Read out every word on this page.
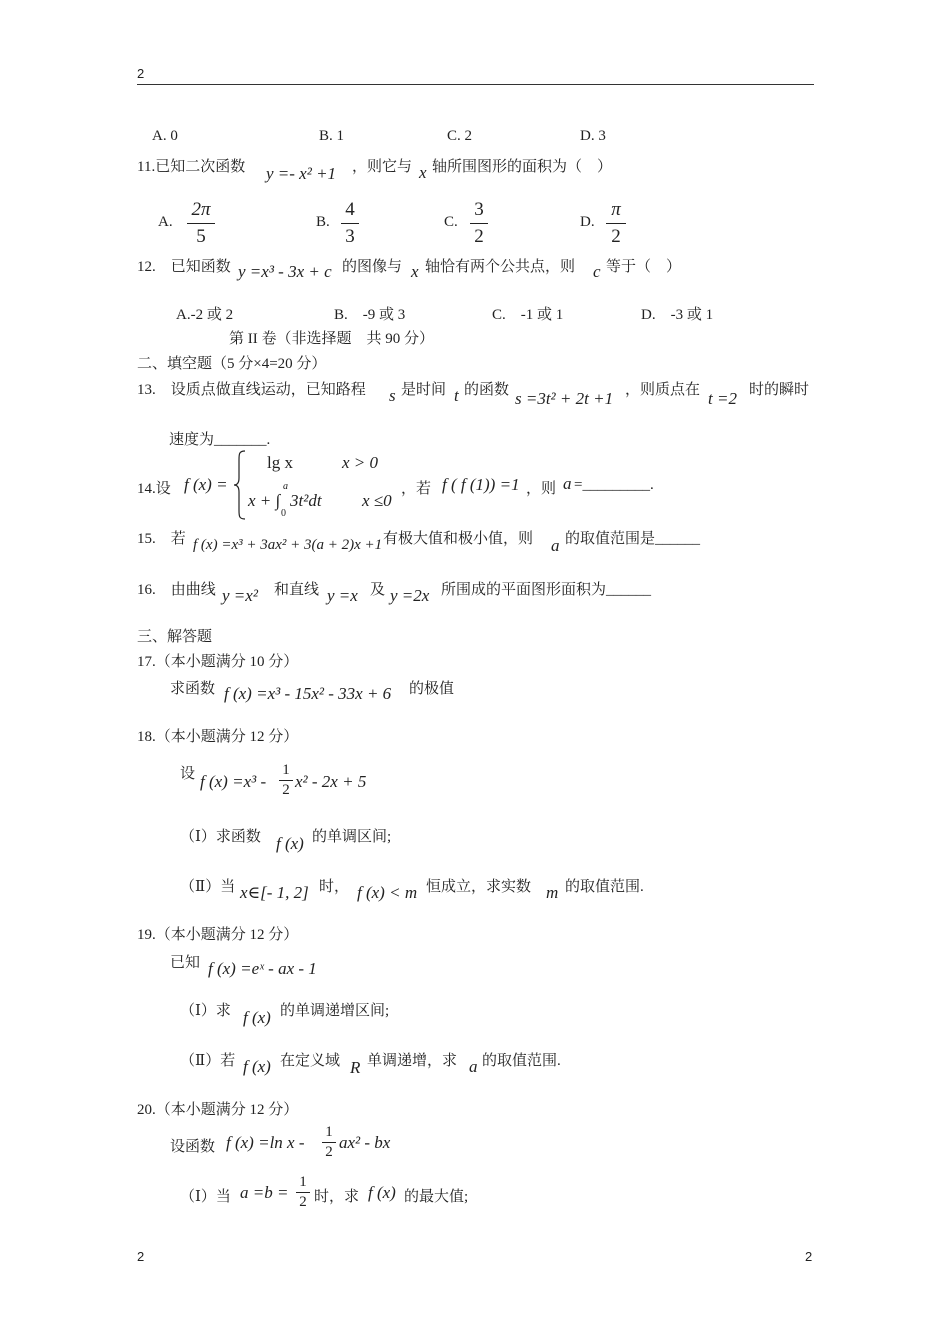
2
A. 0	B. 1	C. 2	D. 3
11.已知二次函数 y =- x² +1 ，则它与 x 轴所围图形的面积为（　）
A.
2π
5
B.
4
3
C.
3
2
D.
π
2
12.　已知函数 y =x³ - 3x + c 的图像与 x 轴恰有两个公共点，则 c 等于（　）
A.-2 或 2	B.　-9 或 3	C.　-1 或 1	D.　-3 或 1
第 II 卷（非选择题　共 90 分）
二、填空题（5 分×4=20 分）
13.　设质点做直线运动，已知路程 s 是时间 t 的函数 s =3t² + 2t +1 ，则质点在 t =2 时的瞬时
速度为_______.
14.设 f (x) =
lg x	x > 0
x + ∫
a
0
3t²dt x ≤0
，若 f ( f (1)) =1 ，则 a =_________.
15.　若 f (x) =x³ + 3ax² + 3(a + 2)x +1 有极大值和极小值，则 a 的取值范围是______
16.　由曲线 y =x² 和直线 y =x 及 y =2x 所围成的平面图形面积为______
三、解答题
17.（本小题满分 10 分）
求函数 f (x) =x³ - 15x² - 33x + 6 的极值
18.（本小题满分 12 分）
设 f (x) =x³ -
1
2 x² - 2x + 5
（Ⅰ）求函数 f (x) 的单调区间;
（Ⅱ）当 x∈[- 1, 2] 时， f (x) < m 恒成立，求实数 m 的取值范围.
19.（本小题满分 12 分）
已知 f (x) =eˣ - ax - 1
（Ⅰ）求 f (x) 的单调递增区间;
（Ⅱ）若 f (x) 在定义域 R 单调递增，求 a 的取值范围.
20.（本小题满分 12 分）
设函数 f (x) =ln x -
1
2 ax² - bx
（Ⅰ）当 a =b =
1
2 时，求 f (x) 的最大值;
2	2
